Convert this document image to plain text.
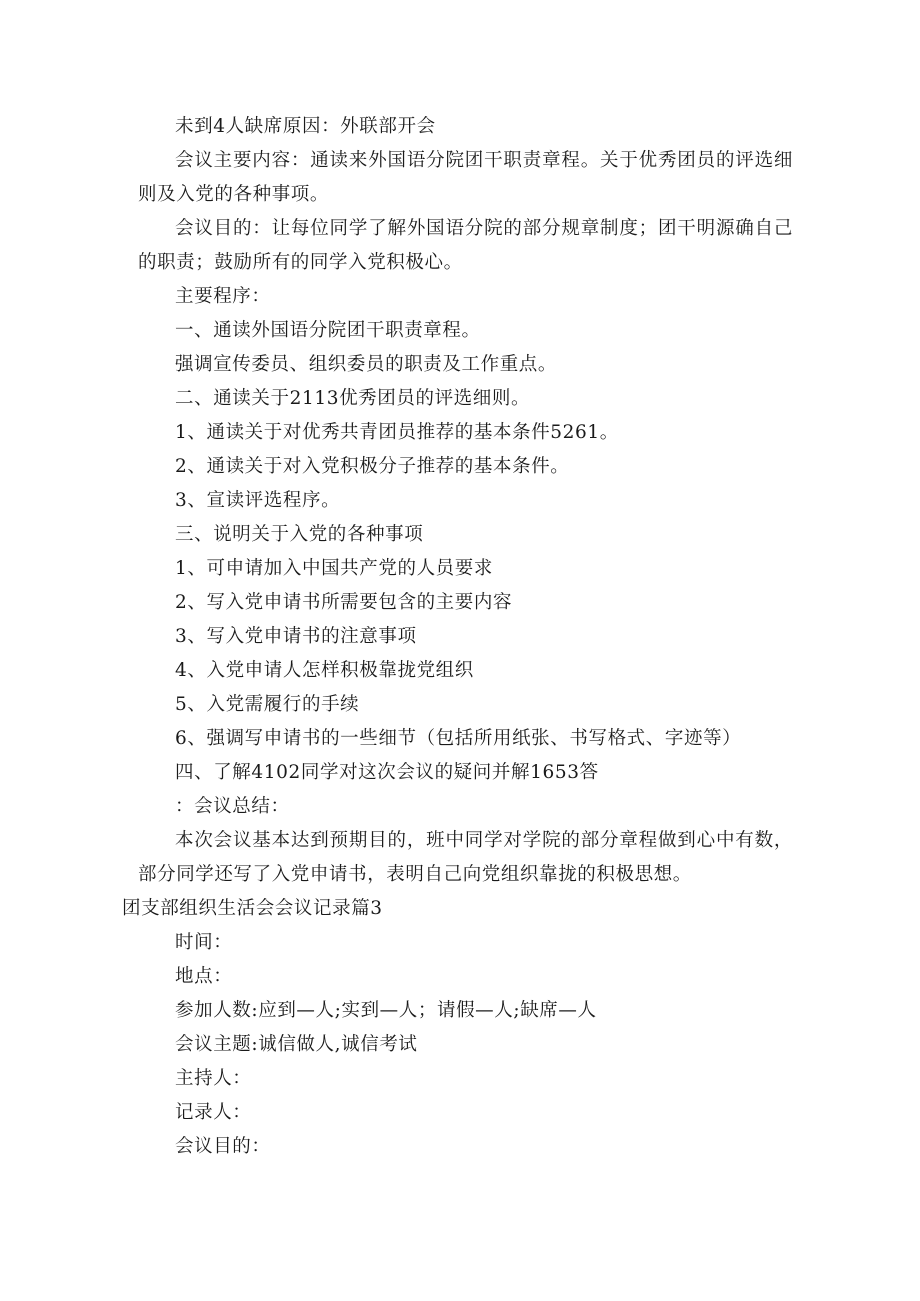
未到4人缺席原因：外联部开会

会议主要内容：通读来外国语分院团干职责章程。关于优秀团员的评选细则及入党的各种事项。

会议目的：让每位同学了解外国语分院的部分规章制度；团干明源确自己的职责；鼓励所有的同学入党积极心。

主要程序：

一、通读外国语分院团干职责章程。

强调宣传委员、组织委员的职责及工作重点。

二、通读关于2113优秀团员的评选细则。

1、通读关于对优秀共青团员推荐的基本条件5261。

2、通读关于对入党积极分子推荐的基本条件。

3、宣读评选程序。

三、说明关于入党的各种事项

1、可申请加入中国共产党的人员要求

2、写入党申请书所需要包含的主要内容

3、写入党申请书的注意事项

4、入党申请人怎样积极靠拢党组织

5、入党需履行的手续

6、强调写申请书的一些细节（包括所用纸张、书写格式、字迹等）

四、了解4102同学对这次会议的疑问并解1653答

：会议总结：

本次会议基本达到预期目的，班中同学对学院的部分章程做到心中有数，部分同学还写了入党申请书，表明自己向党组织靠拢的积极思想。

团支部组织生活会会议记录篇3

时间：

地点：

参加人数:应到—人;实到—人；请假—人;缺席—人

会议主题:诚信做人,诚信考试

主持人：

记录人：

会议目的：
